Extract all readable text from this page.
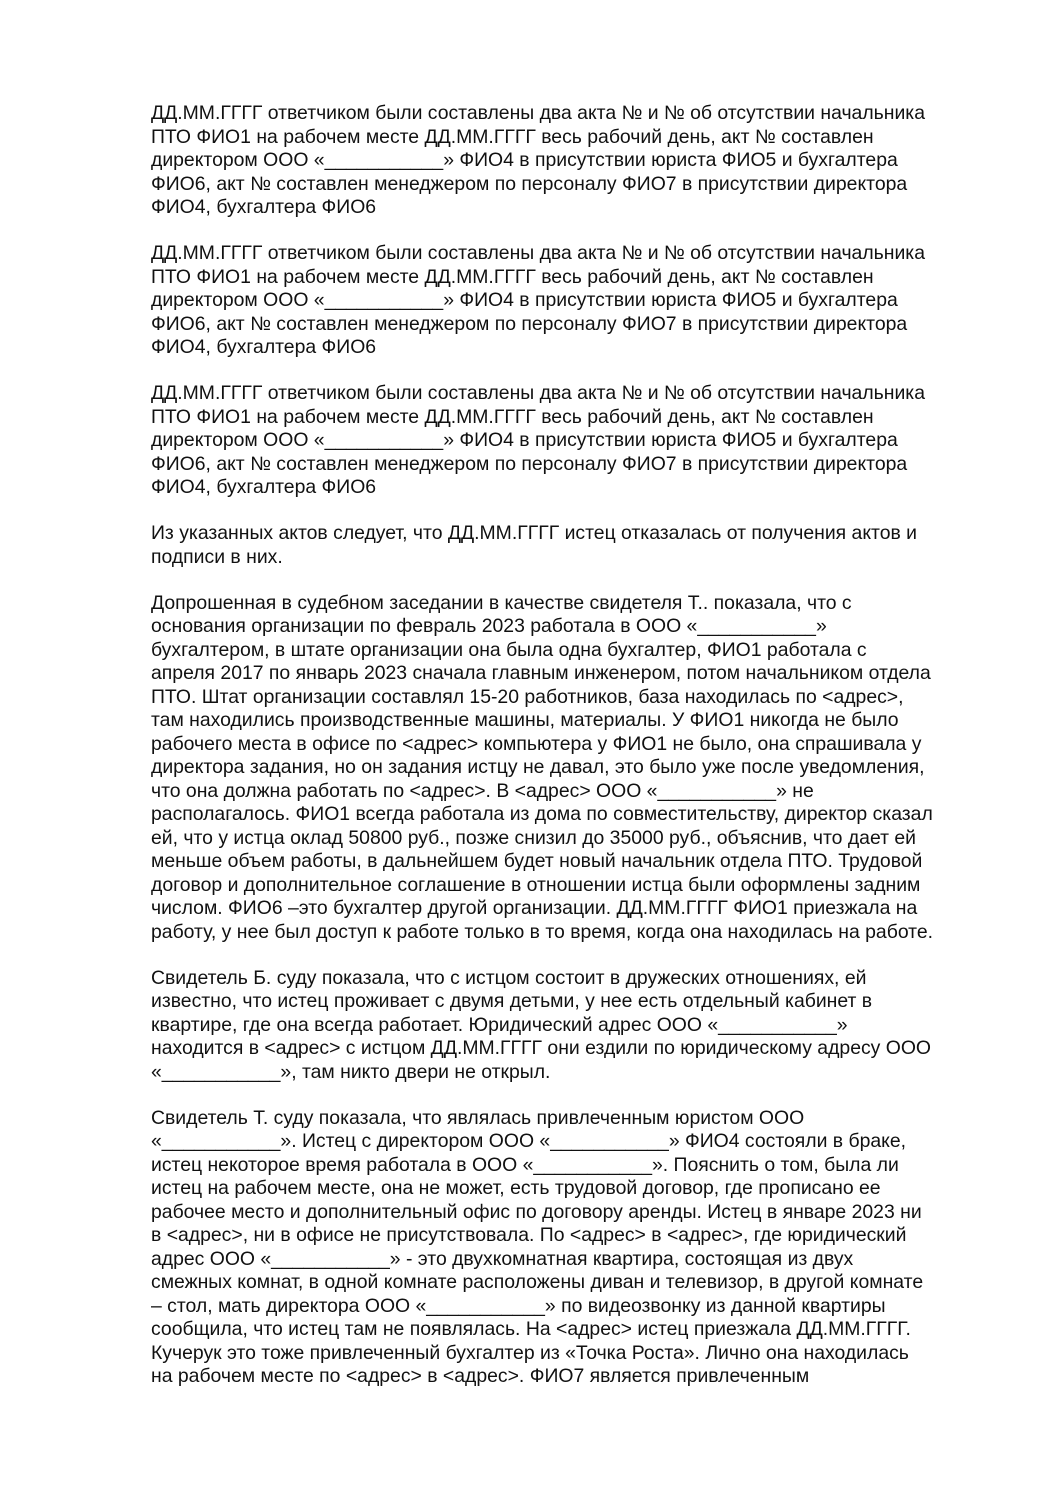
ДД.ММ.ГГГГ ответчиком были составлены два акта № и № об отсутствии начальника
ПТО ФИО1 на рабочем месте ДД.ММ.ГГГГ весь рабочий день, акт № составлен
директором ООО «___________» ФИО4 в присутствии юриста ФИО5 и бухгалтера
ФИО6, акт № составлен менеджером по персоналу ФИО7 в присутствии директора
ФИО4, бухгалтера ФИО6
ДД.ММ.ГГГГ ответчиком были составлены два акта № и № об отсутствии начальника
ПТО ФИО1 на рабочем месте ДД.ММ.ГГГГ весь рабочий день, акт № составлен
директором ООО «___________» ФИО4 в присутствии юриста ФИО5 и бухгалтера
ФИО6, акт № составлен менеджером по персоналу ФИО7 в присутствии директора
ФИО4, бухгалтера ФИО6
ДД.ММ.ГГГГ ответчиком были составлены два акта № и № об отсутствии начальника
ПТО ФИО1 на рабочем месте ДД.ММ.ГГГГ весь рабочий день, акт № составлен
директором ООО «___________» ФИО4 в присутствии юриста ФИО5 и бухгалтера
ФИО6, акт № составлен менеджером по персоналу ФИО7 в присутствии директора
ФИО4, бухгалтера ФИО6
Из указанных актов следует, что ДД.ММ.ГГГГ истец отказалась от получения актов и
подписи в них.
Допрошенная в судебном заседании в качестве свидетеля Т.. показала, что с
основания организации по февраль 2023 работала в ООО «___________»
бухгалтером, в штате организации она была одна бухгалтер, ФИО1 работала с
апреля 2017 по январь 2023 сначала главным инженером, потом начальником отдела
ПТО. Штат организации составлял 15-20 работников, база находилась по <адрес>,
там находились производственные машины, материалы. У ФИО1 никогда не было
рабочего места в офисе по <адрес> компьютера у ФИО1 не было, она спрашивала у
директора задания, но он задания истцу не давал, это было уже после уведомления,
что она должна работать по <адрес>. В <адрес> ООО «___________» не
располагалось. ФИО1 всегда работала из дома по совместительству, директор сказал
ей, что у истца оклад 50800 руб., позже снизил до 35000 руб., объяснив, что дает ей
меньше объем работы, в дальнейшем будет новый начальник отдела ПТО. Трудовой
договор и дополнительное соглашение в отношении истца были оформлены задним
числом. ФИО6 –это бухгалтер другой организации. ДД.ММ.ГГГГ ФИО1 приезжала на
работу, у нее был доступ к работе только в то время, когда она находилась на работе.
Свидетель Б. суду показала, что с истцом состоит в дружеских отношениях, ей
известно, что истец проживает с двумя детьми, у нее есть отдельный кабинет в
квартире, где она всегда работает. Юридический адрес ООО «___________»
находится в <адрес> с истцом ДД.ММ.ГГГГ они ездили по юридическому адресу ООО
«___________», там никто двери не открыл.
Свидетель Т. суду показала, что являлась привлеченным юристом ООО
«___________». Истец с директором ООО «___________» ФИО4 состояли в браке,
истец некоторое время работала в ООО «___________». Пояснить о том, была ли
истец на рабочем месте, она не может, есть трудовой договор, где прописано ее
рабочее место и дополнительный офис по договору аренды. Истец в январе 2023 ни
в <адрес>, ни в офисе не присутствовала. По <адрес> в <адрес>, где юридический
адрес ООО «___________» - это двухкомнатная квартира, состоящая из двух
смежных комнат, в одной комнате расположены диван и телевизор, в другой комнате
– стол, мать директора ООО «___________» по видеозвонку из данной квартиры
сообщила, что истец там не появлялась. На <адрес> истец приезжала ДД.ММ.ГГГГ.
Кучерук это тоже привлеченный бухгалтер из «Точка Роста». Лично она находилась
на рабочем месте по <адрес> в <адрес>. ФИО7 является привлеченным
